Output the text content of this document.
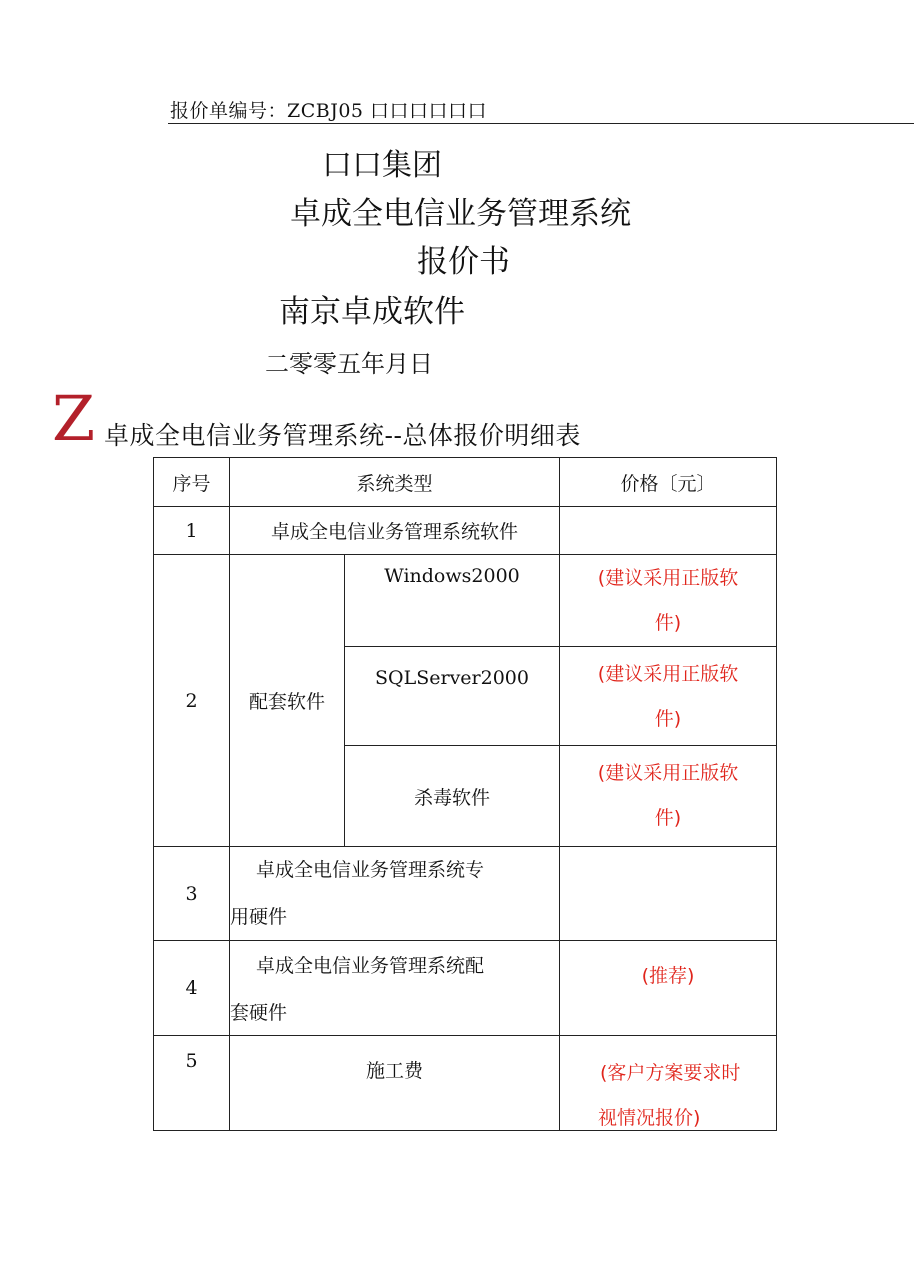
报价单编号：ZCBJ05 口口口口口口
口口集团
卓成全电信业务管理系统
报价书
南京卓成软件
二零零五年月日
Z 卓成全电信业务管理系统--总体报价明细表
序号	系统类型		价格〔元〕
1	卓成全电信业务管理系统软件		
2	配套软件	Windows2000	(建议采用正版软
件)

		SQLServer2000	(建议采用正版软
件)

		杀毒软件	(建议采用正版软
件)

3	卓成全电信业务管理系统专
用硬件		

4	卓成全电信业务管理系统配
套硬件		(推荐)

5	施工费		(客户方案要求时
视情况报价)
